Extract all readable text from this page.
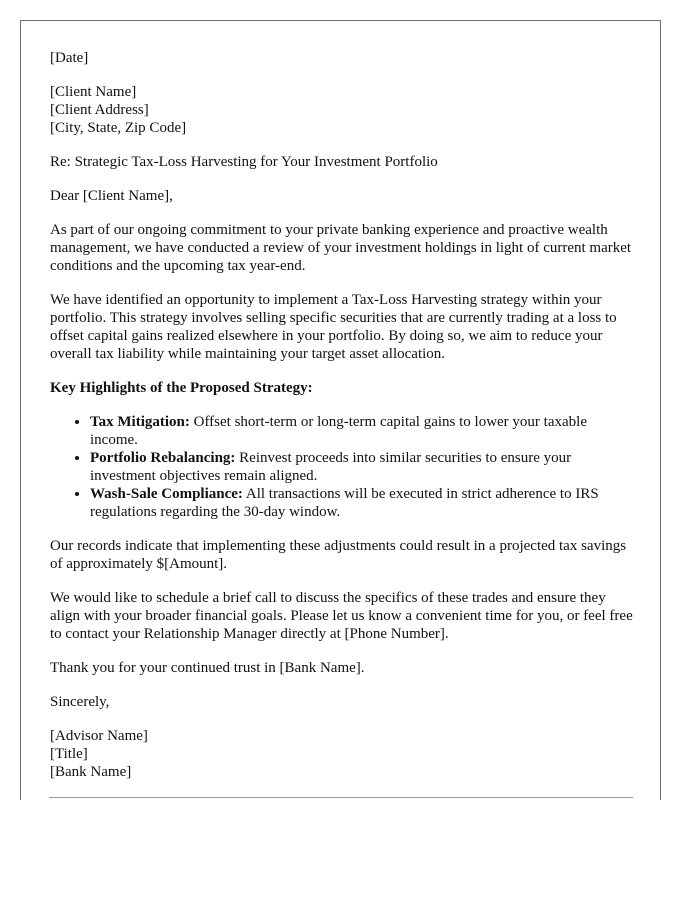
[Date]

[Client Name]
[Client Address]
[City, State, Zip Code]

Re: Strategic Tax-Loss Harvesting for Your Investment Portfolio

Dear [Client Name],

As part of our ongoing commitment to your private banking experience and proactive wealth management, we have conducted a review of your investment holdings in light of current market conditions and the upcoming tax year-end.

We have identified an opportunity to implement a Tax-Loss Harvesting strategy within your portfolio. This strategy involves selling specific securities that are currently trading at a loss to offset capital gains realized elsewhere in your portfolio. By doing so, we aim to reduce your overall tax liability while maintaining your target asset allocation.

Key Highlights of the Proposed Strategy:

• Tax Mitigation: Offset short-term or long-term capital gains to lower your taxable income.
• Portfolio Rebalancing: Reinvest proceeds into similar securities to ensure your investment objectives remain aligned.
• Wash-Sale Compliance: All transactions will be executed in strict adherence to IRS regulations regarding the 30-day window.

Our records indicate that implementing these adjustments could result in a projected tax savings of approximately $[Amount].

We would like to schedule a brief call to discuss the specifics of these trades and ensure they align with your broader financial goals. Please let us know a convenient time for you, or feel free to contact your Relationship Manager directly at [Phone Number].

Thank you for your continued trust in [Bank Name].

Sincerely,

[Advisor Name]
[Title]
[Bank Name]
